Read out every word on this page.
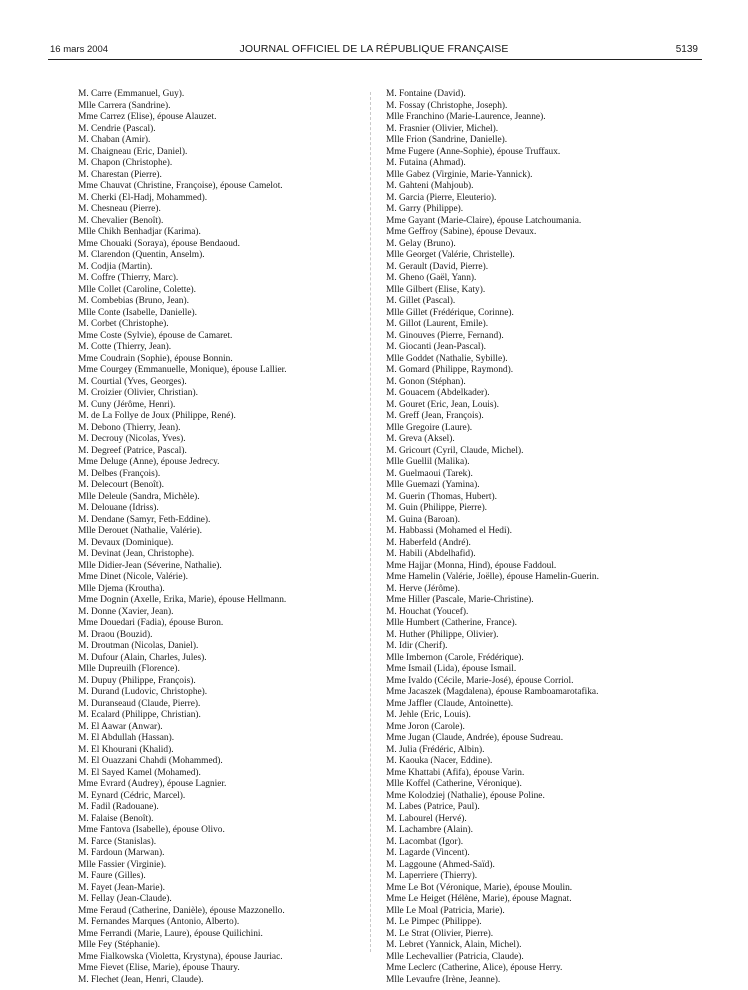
16 mars 2004	JOURNAL OFFICIEL DE LA RÉPUBLIQUE FRANÇAISE	5139
M. Carre (Emmanuel, Guy).
Mlle Carrera (Sandrine).
Mme Carrez (Elise), épouse Alauzet.
M. Cendrie (Pascal).
M. Chaban (Amir).
M. Chaigneau (Eric, Daniel).
M. Chapon (Christophe).
M. Charestan (Pierre).
Mme Chauvat (Christine, Françoise), épouse Camelot.
M. Cherki (El-Hadj, Mohammed).
M. Chesneau (Pierre).
M. Chevalier (Benoît).
Mlle Chikh Benhadjar (Karima).
Mme Chouaki (Soraya), épouse Bendaoud.
M. Clarendon (Quentin, Anselm).
M. Codjia (Martin).
M. Coffre (Thierry, Marc).
Mlle Collet (Caroline, Colette).
M. Combebias (Bruno, Jean).
Mlle Conte (Isabelle, Danielle).
M. Corbet (Christophe).
Mme Coste (Sylvie), épouse de Camaret.
M. Cotte (Thierry, Jean).
Mme Coudrain (Sophie), épouse Bonnin.
Mme Courgey (Emmanuelle, Monique), épouse Lallier.
M. Courtial (Yves, Georges).
M. Croizier (Olivier, Christian).
M. Cuny (Jérôme, Henri).
M. de La Follye de Joux (Philippe, René).
M. Debono (Thierry, Jean).
M. Decrouy (Nicolas, Yves).
M. Degreef (Patrice, Pascal).
Mme Deluge (Anne), épouse Jedrecy.
M. Delbes (François).
M. Delecourt (Benoît).
Mlle Deleule (Sandra, Michèle).
M. Delouane (Idriss).
M. Dendane (Samyr, Feth-Eddine).
Mlle Derouet (Nathalie, Valérie).
M. Devaux (Dominique).
M. Devinat (Jean, Christophe).
Mlle Didier-Jean (Séverine, Nathalie).
Mme Dinet (Nicole, Valérie).
Mlle Djema (Kroutha).
Mme Dognin (Axelle, Erika, Marie), épouse Hellmann.
M. Donne (Xavier, Jean).
Mme Douedari (Fadia), épouse Buron.
M. Draou (Bouzid).
M. Droutman (Nicolas, Daniel).
M. Dufour (Alain, Charles, Jules).
Mlle Dupreuilh (Florence).
M. Dupuy (Philippe, François).
M. Durand (Ludovic, Christophe).
M. Duranseaud (Claude, Pierre).
M. Ecalard (Philippe, Christian).
M. El Aawar (Anwar).
M. El Abdullah (Hassan).
M. El Khourani (Khalid).
M. El Ouazzani Chahdi (Mohammed).
M. El Sayed Kamel (Mohamed).
Mme Evrard (Audrey), épouse Lagnier.
M. Eynard (Cédric, Marcel).
M. Fadil (Radouane).
M. Falaise (Benoît).
Mme Fantova (Isabelle), épouse Olivo.
M. Farce (Stanislas).
M. Fardoun (Marwan).
Mlle Fassier (Virginie).
M. Faure (Gilles).
M. Fayet (Jean-Marie).
M. Fellay (Jean-Claude).
Mme Feraud (Catherine, Danièle), épouse Mazzonello.
M. Fernandes Marques (Antonio, Alberto).
Mme Ferrandi (Marie, Laure), épouse Quilichini.
Mlle Fey (Stéphanie).
Mme Fialkowska (Violetta, Krystyna), épouse Jauriac.
Mme Fievet (Elise, Marie), épouse Thaury.
M. Flechet (Jean, Henri, Claude).
M. Fontaine (David).
M. Fossay (Christophe, Joseph).
Mlle Franchino (Marie-Laurence, Jeanne).
M. Frasnier (Olivier, Michel).
Mlle Frion (Sandrine, Danielle).
Mme Fugere (Anne-Sophie), épouse Truffaux.
M. Futaina (Ahmad).
Mlle Gabez (Virginie, Marie-Yannick).
M. Gahteni (Mahjoub).
M. Garcia (Pierre, Eleuterio).
M. Garry (Philippe).
Mme Gayant (Marie-Claire), épouse Latchoumania.
Mme Geffroy (Sabine), épouse Devaux.
M. Gelay (Bruno).
Mlle Georget (Valérie, Christelle).
M. Gerault (David, Pierre).
M. Gheno (Gaël, Yann).
Mlle Gilbert (Elise, Katy).
M. Gillet (Pascal).
Mlle Gillet (Frédérique, Corinne).
M. Gillot (Laurent, Emile).
M. Ginouves (Pierre, Fernand).
M. Giocanti (Jean-Pascal).
Mlle Goddet (Nathalie, Sybille).
M. Gomard (Philippe, Raymond).
M. Gonon (Stéphan).
M. Gouacem (Abdelkader).
M. Gouret (Eric, Jean, Louis).
M. Greff (Jean, François).
Mlle Gregoire (Laure).
M. Greva (Aksel).
M. Gricourt (Cyril, Claude, Michel).
Mlle Guellil (Malika).
M. Guelmaoui (Tarek).
Mlle Guemazi (Yamina).
M. Guerin (Thomas, Hubert).
M. Guin (Philippe, Pierre).
M. Guina (Baroan).
M. Habbassi (Mohamed el Hedi).
M. Haberfeld (André).
M. Habili (Abdelhafid).
Mme Hajjar (Monna, Hind), épouse Faddoul.
Mme Hamelin (Valérie, Joëlle), épouse Hamelin-Guerin.
M. Herve (Jérôme).
Mme Hiller (Pascale, Marie-Christine).
M. Houchat (Youcef).
Mlle Humbert (Catherine, France).
M. Huther (Philippe, Olivier).
M. Idir (Cherif).
Mlle Imbernon (Carole, Frédérique).
Mme Ismail (Lida), épouse Ismail.
Mme Ivaldo (Cécile, Marie-José), épouse Corriol.
Mme Jacaszek (Magdalena), épouse Ramboamarotafika.
Mme Jaffler (Claude, Antoinette).
M. Jehle (Eric, Louis).
Mme Joron (Carole).
Mme Jugan (Claude, Andrée), épouse Sudreau.
M. Julia (Frédéric, Albin).
M. Kaouka (Nacer, Eddine).
Mme Khattabi (Afifa), épouse Varin.
Mlle Koffel (Catherine, Véronique).
Mme Kolodziej (Nathalie), épouse Poline.
M. Labes (Patrice, Paul).
M. Labourel (Hervé).
M. Lachambre (Alain).
M. Lacombat (Igor).
M. Lagarde (Vincent).
M. Laggoune (Ahmed-Saïd).
M. Laperriere (Thierry).
Mme Le Bot (Véronique, Marie), épouse Moulin.
Mme Le Heiget (Hélène, Marie), épouse Magnat.
Mlle Le Moal (Patricia, Marie).
M. Le Pimpec (Philippe).
M. Le Strat (Olivier, Pierre).
M. Lebret (Yannick, Alain, Michel).
Mlle Lechevallier (Patricia, Claude).
Mme Leclerc (Catherine, Alice), épouse Herry.
Mlle Levaufre (Irène, Jeanne).
